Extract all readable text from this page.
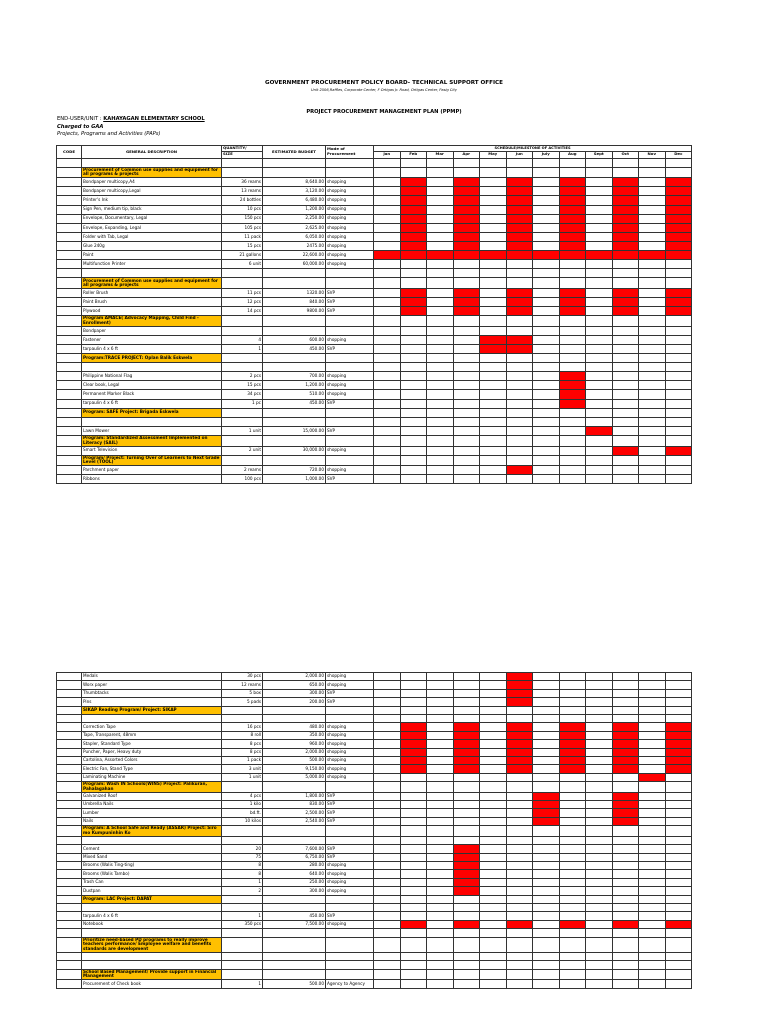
GOVERNMENT PROCUREMENT POLICY BOARD- TECHNICAL SUPPORT OFFICE
Unit 2506,Raffles, Corporate Center, F Ortigas Jr. Road, Ortigas Center, Pasig City
PROJECT PROCUREMENT MANAGEMENT PLAN (PPMP)
END-USER/UNIT : KAHAYAGAN ELEMENTARY SCHOOL
Charged to GAA
Projects, Programs and Activities (PAPs)
CODE	GENERAL DESCRIPTION	QUANTITY/	ESTIMATED BUDGET	Mode of Procurement	SCHEDULE/MILESTONE OF ACTIVITIES											
		SIZE			Jan	Feb	Mar	Apr	May	Jun	July	Aug	Sept	Oct	Nov	Dec

	Procurement of Common use supplies and equipment for all programs & projects															
	Bondpaper multicopy,A4	36 reams	8,640.00	shopping												
	Bondpaper multicopy,Legal	13 reams	3,120.00	shopping												
	Printer's Ink	24 bottles	6,480.00	shopping												
	Sign Pen, medium tip, black	10 pcs	1,200.00	shopping												
	Envelope, Documentary, Legal	150 pcs	2,250.00	shopping												
	Envelope, Expanding, Legal	105 pcs	2,625.00	shopping												
	Folder with Tab, Legal	11 pack	6,050.00	shopping												
	Glue 240g	15 pcs	2475.00	shopping												
	Paint	21 gallons	22,600.00	shopping												
	Multifunction Printer	6 unit	60,000.00	shopping												

	Procurement of Common use supplies and equipment for all programs & projects															
	Roller Brush	11 pcs	1320.00	SVP												
	Paint Brush	12 pcs	840.00	SVP												
	Plywood	14 pcs	9800.00	SVP												
	Program AMACE( Advocacy Mapping, Child Find - Enrollment)															
	Bondpaper															
	Fastener	4	600.00	shopping												
	tarpaulin 4 x 6 ft	1	450.00	SVP												
	Program:TRACE PROJECT: Oplan Balik Eskwela															

	Philippine National Flag	2 pcs	700.00	shopping												
	Clear book, Legal	15 pcs	1,200.00	shopping												
	Permanent Marker Black	34 pcs	510.00	shopping												
	tarpaulin 4 x 6 ft	1 pc	450.00	SVP												
	Program: SAFE Project: Brigada Eskwela															

	Lawn Mower	1 unit	15,000.00	SVP												
	Program: Standardized Assessment Implemented on Literacy (SAIL)															
	Smart Television	2 unit	30,000.00	shopping												
	Program/ Project: Turning Over of Learners to Next Grade Level (TOOL)															
	Parchment paper	2 reams	720.00	shopping												
	Ribbons	100 pcs	1,000.00	SVP												
	Medals	30 pcs	2,000.00	shopping												
	Worx paper	12 reams	650.00	shopping												
	Thumbtacks	5 box	300.00	SVP												
	Pins	5 pads	200.00	SVP												
	SIKAP Reading Program/ Project: SIKAP															

	Correction Tape	16 pcs	480.00	shopping												
	Tape, Transparent, 48mm	8 roll	350.00	shopping												
	Stapler, Standard Type	8 pcs	960.00	shopping												
	Puncher, Paper, Heavy duty	8 pcs	2,000.00	shopping												
	Cartolina, Assorted Colors	1 pack	500.00	shopping												
	Electric Fan, Stand Type	3 unit	9,150.00	shopping												
	Laminating Machine	1 unit	5,000.00	shopping												
	Program: Wash IN Schools(WINS) Project: Palikuran, Pahalagahan															
	Galvanized Roof	4 pcs	1,800.00	SVP												
	Umbrella Nails	1 kilo	830.00	SVP												
	Lumber	bd.ft.	2,500.00	SVP												
	Nails	10 kilos	2,540.00	SVP												
	Program: A School Safe and Ready (ASSAR) Project: Siro mo Kumpuninhin Ko															

	Cement	20	7,600.00	SVP												
	Mixed Sand	75	6,750.00	SVP												
	Brooms (Walis Ting-ting)	8	280.00	shopping												
	Brooms (Walis Tambo)	8	640.00	shopping												
	Trash Can	1	250.00	shopping												
	Dustpan	2	300.00	shopping												
	Program: LAC Project: DAPAT															

	tarpaulin 4 x 6 ft	1	450.00	SVP												
	Notebook	350 pcs	7,500.00	shopping												

	Prioritize need-based PD programs to really improve teachers performance/ Employee welfare and benefits standards are development															

	School Based Management/ Provide support in Financial Management															
	Procurement of Check book	1	500.00	Agency to Agency												
